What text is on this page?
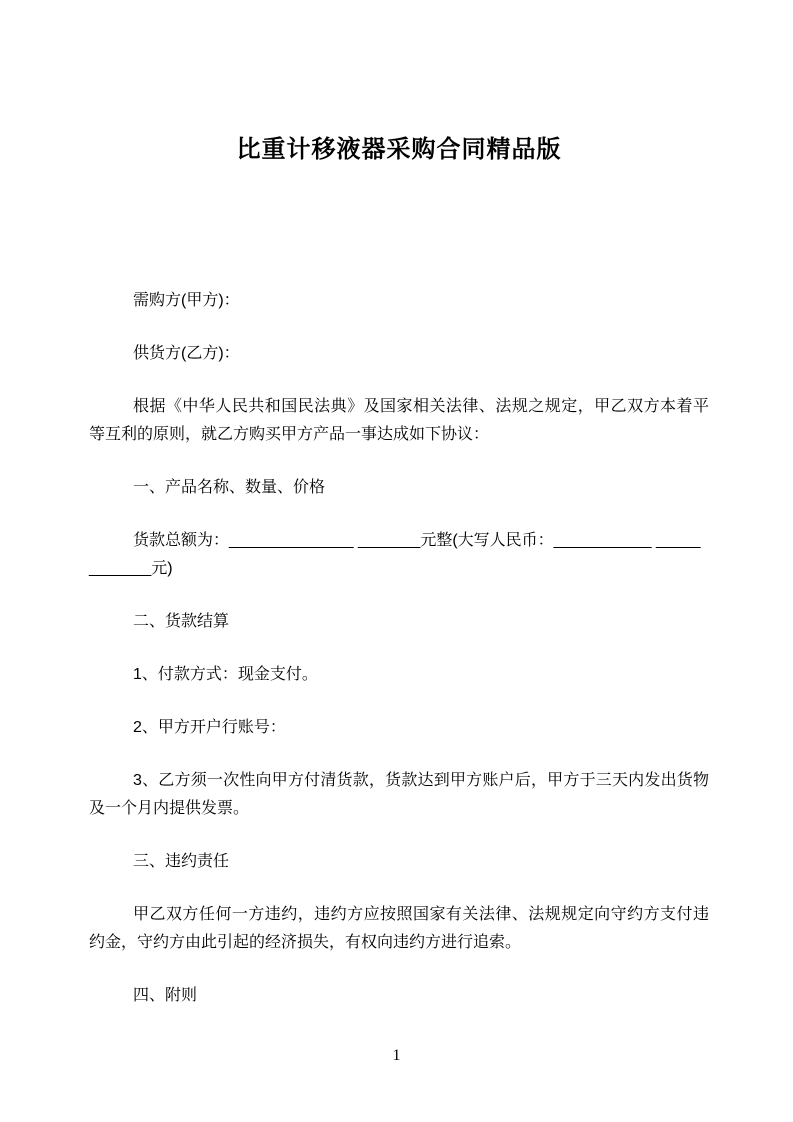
比重计移液器采购合同精品版

需购方(甲方)：

供货方(乙方)：

根据《中华人民共和国民法典》及国家相关法律、法规之规定，甲乙双方本着平

等互利的原则，就乙方购买甲方产品一事达成如下协议：

一、产品名称、数量、价格

货款总额为：______________ _______元整(大写人民币：___________ _____

_______元)

二、货款结算

1、付款方式：现金支付。

2、甲方开户行账号：

3、乙方须一次性向甲方付清货款，货款达到甲方账户后，甲方于三天内发出货物

及一个月内提供发票。

三、违约责任

甲乙双方任何一方违约，违约方应按照国家有关法律、法规规定向守约方支付违

约金，守约方由此引起的经济损失，有权向违约方进行追索。

四、附则

1
